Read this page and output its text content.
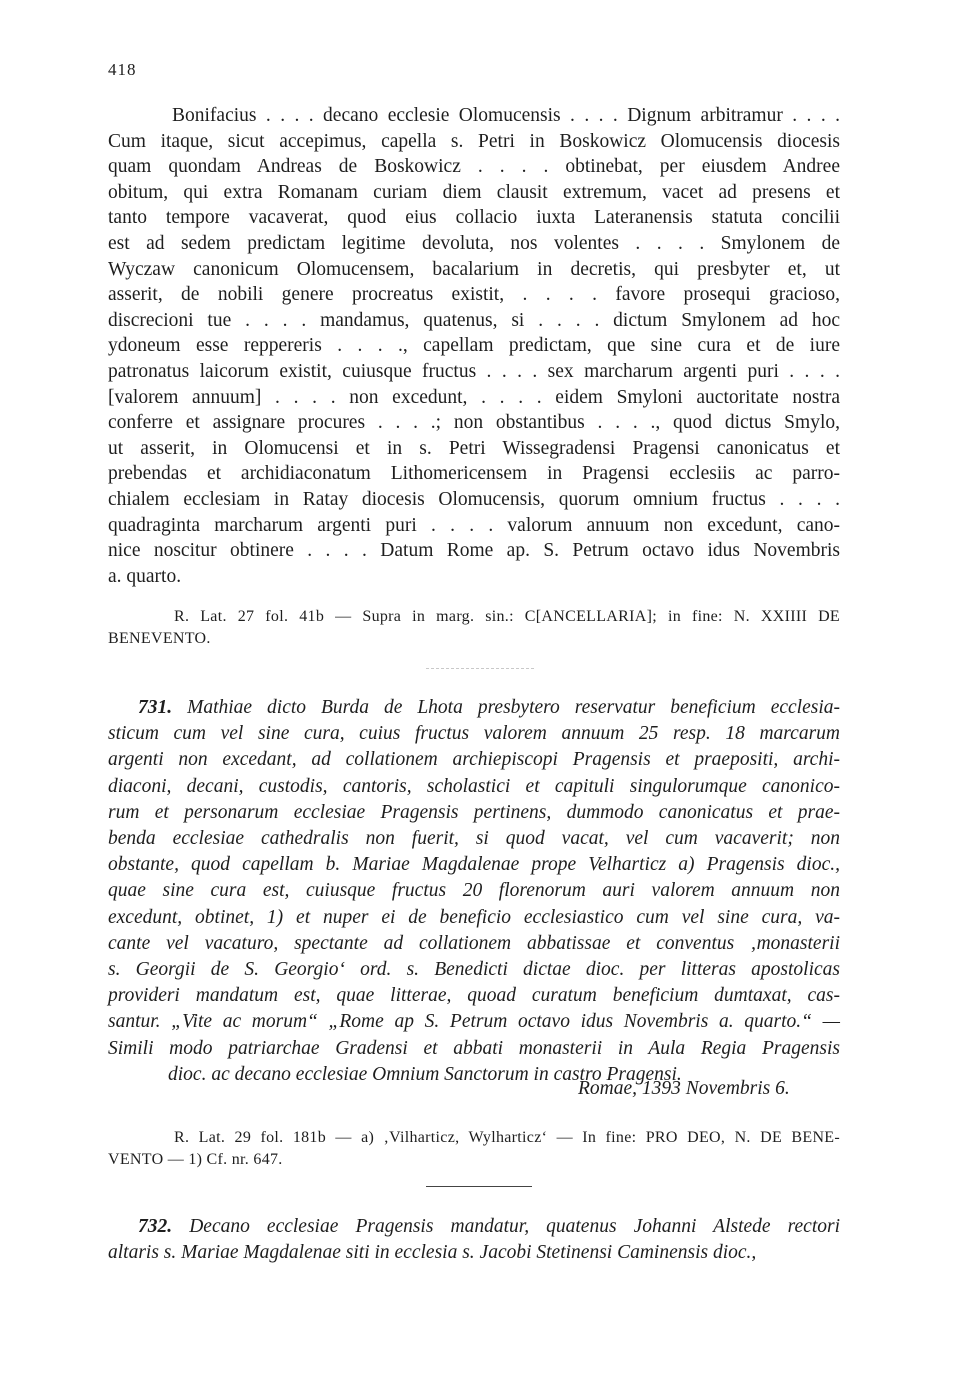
418
Bonifacius . . . . decano ecclesie Olomucensis . . . . Dignum arbitramur . . . .
Cum itaque, sicut accepimus, capella s. Petri in Boskowicz Olomucensis diocesis
quam quondam Andreas de Boskowicz . . . . obtinebat, per eiusdem Andree
obitum, qui extra Romanam curiam diem clausit extremum, vacet ad presens et
tanto tempore vacaverat, quod eius collacio iuxta Lateranensis statuta concilii
est ad sedem predictam legitime devoluta, nos volentes . . . . Smylonem de
Wyczaw canonicum Olomucensem, bacalarium in decretis, qui presbyter et, ut
asserit, de nobili genere procreatus existit, . . . . favore prosequi gracioso,
discrecioni tue . . . . mandamus, quatenus, si . . . . dictum Smylonem ad hoc
ydoneum esse reppereris . . . ., capellam predictam, que sine cura et de iure
patronatus laicorum existit, cuiusque fructus . . . . sex marcharum argenti puri . . . .
[valorem annuum] . . . . non excedunt, . . . . eidem Smyloni auctoritate nostra
conferre et assignare procures . . . .; non obstantibus . . . ., quod dictus Smylo,
ut asserit, in Olomucensi et in s. Petri Wissegradensi Pragensi canonicatus et
prebendas et archidiaconatum Lithomericensem in Pragensi ecclesiis ac parro-
chialem ecclesiam in Ratay diocesis Olomucensis, quorum omnium fructus . . . .
quadraginta marcharum argenti puri . . . . valorum annuum non excedunt, cano-
nice noscitur obtinere . . . . Datum Rome ap. S. Petrum octavo idus Novembris
a. quarto.
R. Lat. 27 fol. 41b — Supra in marg. sin.: C[ANCELLARIA]; in fine: N. XXIIII DE
BENEVENTO.
731. Mathiae dicto Burda de Lhota presbytero reservatur beneficium ecclesia-
sticum cum vel sine cura, cuius fructus valorem annuum 25 resp. 18 marcarum
argenti non excedant, ad collationem archiepiscopi Pragensis et praepositi, archi-
diaconi, decani, custodis, cantoris, scholastici et capituli singulorumque canonico-
rum et personarum ecclesiae Pragensis pertinens, dummodo canonicatus et prae-
benda ecclesiae cathedralis non fuerit, si quod vacat, vel cum vacaverit; non
obstante, quod capellam b. Mariae Magdalenae prope Velharticz a) Pragensis dioc.,
quae sine cura est, cuiusque fructus 20 florenorum auri valorem annuum non
excedunt, obtinet, 1) et nuper ei de beneficio ecclesiastico cum vel sine cura, va-
cante vel vacaturo, spectante ad collationem abbatissae et conventus ‚monasterii
s. Georgii de S. Georgio‘ ord. s. Benedicti dictae dioc. per litteras apostolicas
provideri mandatum est, quae litterae, quoad curatum beneficium dumtaxat, cas-
santur. „Vite ac morum“ „Rome ap S. Petrum octavo idus Novembris a. quarto.“ —
Simili modo patriarchae Gradensi et abbati monasterii in Aula Regia Pragensis
dioc. ac decano ecclesiae Omnium Sanctorum in castro Pragensi.
Romae, 1393 Novembris 6.
R. Lat. 29 fol. 181b — a) ‚Vilharticz, Wylharticz‘ — In fine: PRO DEO, N. DE BENE-
VENTO — 1) Cf. nr. 647.
732. Decano ecclesiae Pragensis mandatur, quatenus Johanni Alstede rectori
altaris s. Mariae Magdalenae siti in ecclesia s. Jacobi Stetinensi Caminensis dioc.,
